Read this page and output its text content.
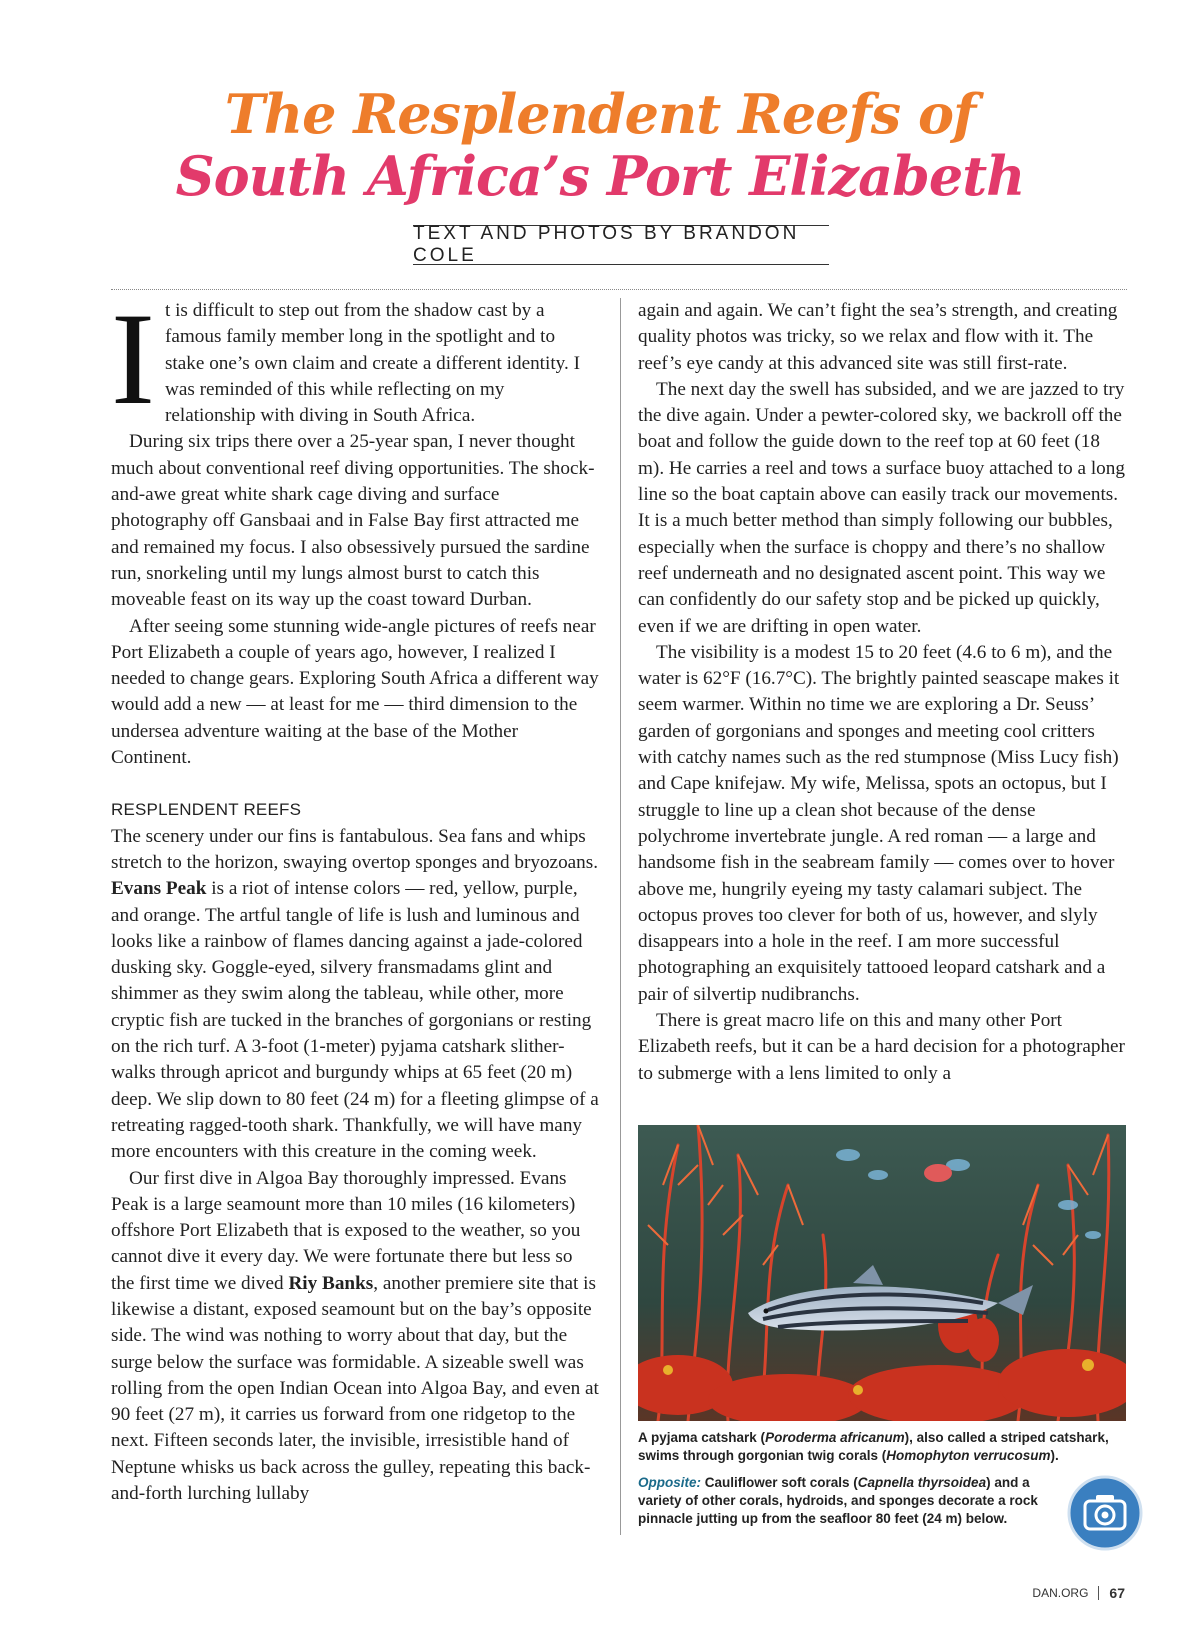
The Resplendent Reefs of
South Africa’s Port Elizabeth
TEXT AND PHOTOS BY BRANDON COLE

It is difficult to step out from the shadow cast by a famous family member long in the spotlight and to stake one’s own claim and create a different identity. I was reminded of this while reflecting on my relationship with diving in South Africa.

During six trips there over a 25-year span, I never thought much about conventional reef diving opportunities. The shock-and-awe great white shark cage diving and surface photography off Gansbaai and in False Bay first attracted me and remained my focus. I also obsessively pursued the sardine run, snorkeling until my lungs almost burst to catch this moveable feast on its way up the coast toward Durban.

After seeing some stunning wide-angle pictures of reefs near Port Elizabeth a couple of years ago, however, I realized I needed to change gears. Exploring South Africa a different way would add a new — at least for me — third dimension to the undersea adventure waiting at the base of the Mother Continent.

RESPLENDENT REEFS

The scenery under our fins is fantabulous. Sea fans and whips stretch to the horizon, swaying overtop sponges and bryozoans. Evans Peak is a riot of intense colors — red, yellow, purple, and orange. The artful tangle of life is lush and luminous and looks like a rainbow of flames dancing against a jade-colored dusking sky. Goggle-eyed, silvery fransmadams glint and shimmer as they swim along the tableau, while other, more cryptic fish are tucked in the branches of gorgonians or resting on the rich turf. A 3-foot (1-meter) pyjama catshark slither-walks through apricot and burgundy whips at 65 feet (20 m) deep. We slip down to 80 feet (24 m) for a fleeting glimpse of a retreating ragged-tooth shark. Thankfully, we will have many more encounters with this creature in the coming week.

Our first dive in Algoa Bay thoroughly impressed. Evans Peak is a large seamount more than 10 miles (16 kilometers) offshore Port Elizabeth that is exposed to the weather, so you cannot dive it every day. We were fortunate there but less so the first time we dived Riy Banks, another premiere site that is likewise a distant, exposed seamount but on the bay’s opposite side. The wind was nothing to worry about that day, but the surge below the surface was formidable. A sizeable swell was rolling from the open Indian Ocean into Algoa Bay, and even at 90 feet (27 m), it carries us forward from one ridgetop to the next. Fifteen seconds later, the invisible, irresistible hand of Neptune whisks us back across the gulley, repeating this back-and-forth lurching lullaby

again and again. We can’t fight the sea’s strength, and creating quality photos was tricky, so we relax and flow with it. The reef’s eye candy at this advanced site was still first-rate.

The next day the swell has subsided, and we are jazzed to try the dive again. Under a pewter-colored sky, we backroll off the boat and follow the guide down to the reef top at 60 feet (18 m). He carries a reel and tows a surface buoy attached to a long line so the boat captain above can easily track our movements. It is a much better method than simply following our bubbles, especially when the surface is choppy and there’s no shallow reef underneath and no designated ascent point. This way we can confidently do our safety stop and be picked up quickly, even if we are drifting in open water.

The visibility is a modest 15 to 20 feet (4.6 to 6 m), and the water is 62°F (16.7°C). The brightly painted seascape makes it seem warmer. Within no time we are exploring a Dr. Seuss’ garden of gorgonians and sponges and meeting cool critters with catchy names such as the red stumpnose (Miss Lucy fish) and Cape knifejaw. My wife, Melissa, spots an octopus, but I struggle to line up a clean shot because of the dense polychrome invertebrate jungle. A red roman — a large and handsome fish in the seabream family — comes over to hover above me, hungrily eyeing my tasty calamari subject. The octopus proves too clever for both of us, however, and slyly disappears into a hole in the reef. I am more successful photographing an exquisitely tattooed leopard catshark and a pair of silvertip nudibranchs.

There is great macro life on this and many other Port Elizabeth reefs, but it can be a hard decision for a photographer to submerge with a lens limited to only a

A pyjama catshark (Poroderma africanum), also called a striped catshark, swims through gorgonian twig corals (Homophyton verrucosum).

Opposite: Cauliflower soft corals (Capnella thyrsoidea) and a variety of other corals, hydroids, and sponges decorate a rock pinnacle jutting up from the seafloor 80 feet (24 m) below.

DAN.ORG 67
